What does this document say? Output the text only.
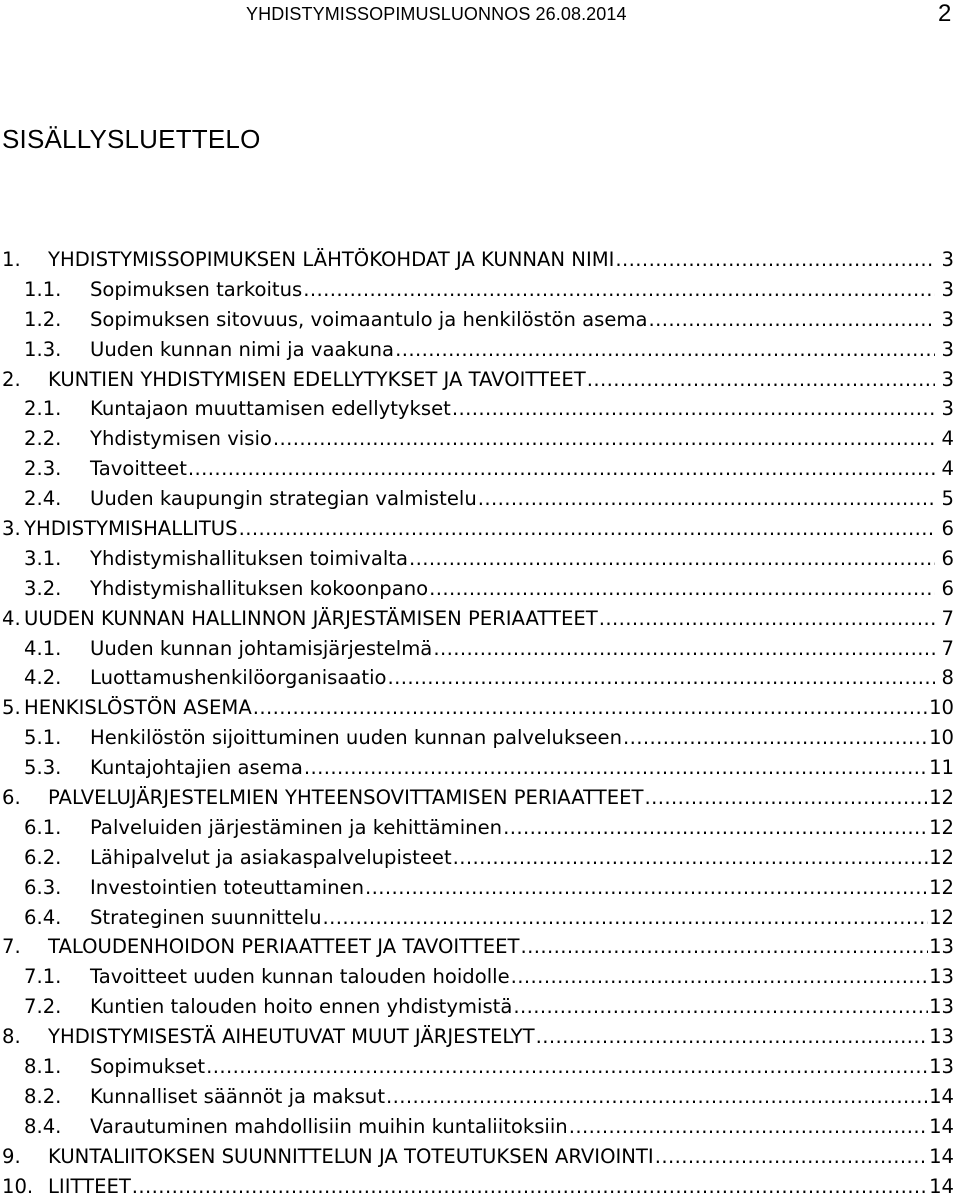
YHDISTYMISSOPIMUSLUONNOS 26.08.2014	2
SISÄLLYSLUETTELO
1.	YHDISTYMISSOPIMUKSEN LÄHTÖKOHDAT JA KUNNAN NIMI .....	3
1.1.	Sopimuksen tarkoitus .....	3
1.2.	Sopimuksen sitovuus, voimaantulo ja henkilöstön asema .....	3
1.3.	Uuden kunnan nimi ja vaakuna .....	3
2.	KUNTIEN YHDISTYMISEN EDELLYTYKSET JA TAVOITTEET .....	3
2.1.	Kuntajaon muuttamisen edellytykset .....	3
2.2.	Yhdistymisen visio .....	4
2.3.	Tavoitteet .....	4
2.4.	Uuden kaupungin strategian valmistelu .....	5
3. YHDISTYMISHALLITUS .....	6
3.1.	Yhdistymishallituksen toimivalta .....	6
3.2.	Yhdistymishallituksen kokoonpano .....	6
4. UUDEN KUNNAN HALLINNON JÄRJESTÄMISEN PERIAATTEET .....	7
4.1.	Uuden kunnan johtamisjärjestelmä .....	7
4.2.	Luottamushenkilöorganisaatio .....	8
5. HENKISLÖSTÖN ASEMA .....	10
5.1.	Henkilöstön sijoittuminen uuden kunnan palvelukseen .....	10
5.3.	Kuntajohtajien asema .....	11
6.	PALVELUJÄRJESTELMIEN YHTEENSOVITTAMISEN PERIAATTEET .....	12
6.1.	Palveluiden järjestäminen ja kehittäminen .....	12
6.2.	Lähipalvelut ja asiakaspalvelupisteet .....	12
6.3.	Investointien toteuttaminen .....	12
6.4.	Strateginen suunnittelu .....	12
7.	TALOUDENHOIDON PERIAATTEET JA TAVOITTEET .....	13
7.1.	Tavoitteet uuden kunnan talouden hoidolle .....	13
7.2.	Kuntien talouden hoito ennen yhdistymistä .....	13
8.	YHDISTYMISESTÄ AIHEUTUVAT MUUT JÄRJESTELYT .....	13
8.1.	Sopimukset .....	13
8.2.	Kunnalliset säännöt ja maksut .....	14
8.4.	Varautuminen mahdollisiin muihin kuntaliitoksiin .....	14
9.	KUNTALIITOKSEN SUUNNITTELUN JA TOTEUTUKSEN ARVIOINTI .....	14
10. LIITTEET .....	14
